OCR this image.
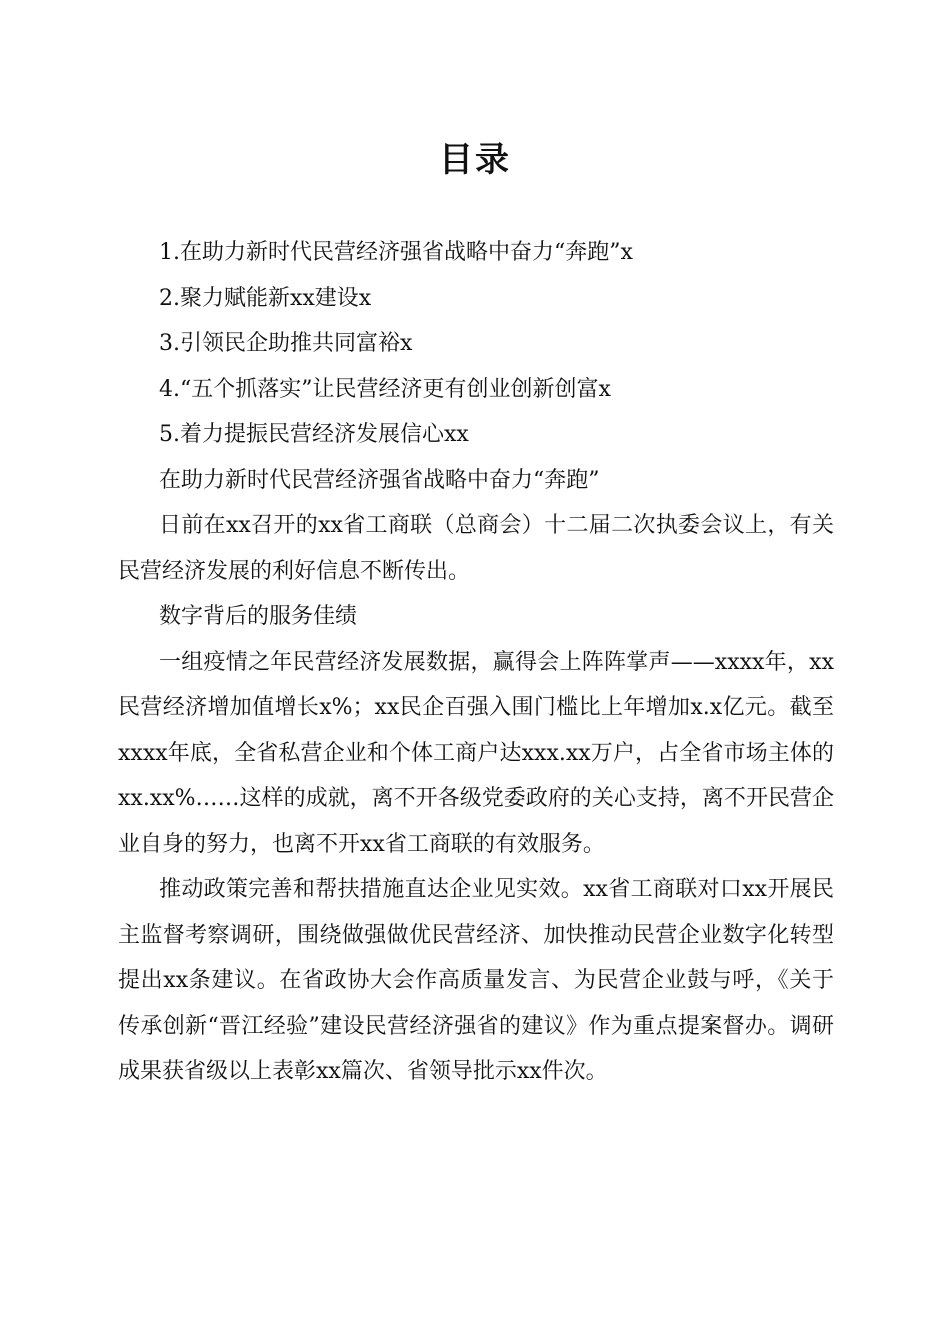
目录

1.在助力新时代民营经济强省战略中奋力“奔跑”x

2.聚力赋能新xx建设x

3.引领民企助推共同富裕x

4.“五个抓落实”让民营经济更有创业创新创富x

5.着力提振民营经济发展信心xx

在助力新时代民营经济强省战略中奋力“奔跑”

日前在xx召开的xx省工商联（总商会）十二届二次执委会议上，有关民营经济发展的利好信息不断传出。

数字背后的服务佳绩

一组疫情之年民营经济发展数据，赢得会上阵阵掌声——xxxx年，xx民营经济增加值增长x%；xx民企百强入围门槛比上年增加x.x亿元。截至xxxx年底，全省私营企业和个体工商户达xxx.xx万户，占全省市场主体的xx.xx%……这样的成就，离不开各级党委政府的关心支持，离不开民营企业自身的努力，也离不开xx省工商联的有效服务。

推动政策完善和帮扶措施直达企业见实效。xx省工商联对口xx开展民主监督考察调研，围绕做强做优民营经济、加快推动民营企业数字化转型提出xx条建议。在省政协大会作高质量发言、为民营企业鼓与呼，《关于传承创新“晋江经验”建设民营经济强省的建议》作为重点提案督办。调研成果获省级以上表彰xx篇次、省领导批示xx件次。
